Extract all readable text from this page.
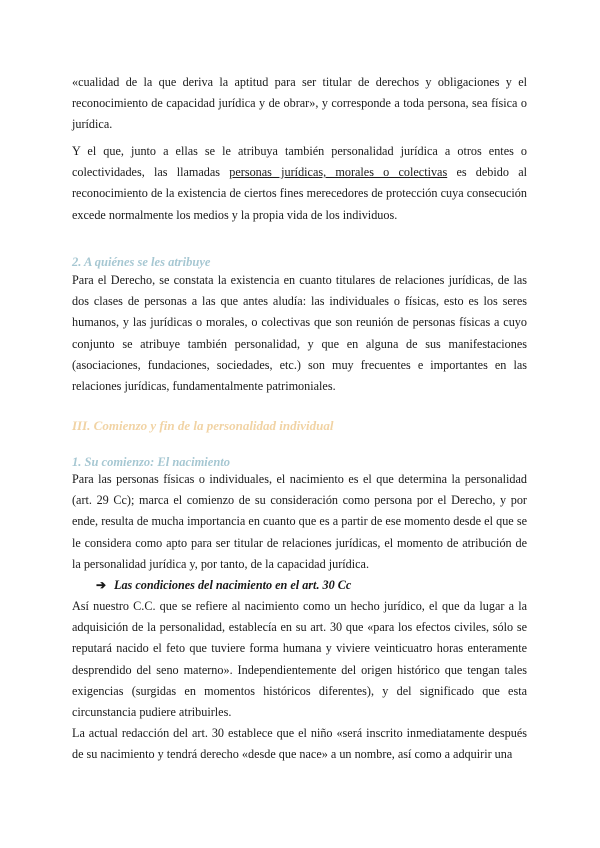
«cualidad de la que deriva la aptitud para ser titular de derechos y obligaciones y el reconocimiento de capacidad jurídica y de obrar», y corresponde a toda persona, sea física o jurídica.

Y el que, junto a ellas se le atribuya también personalidad jurídica a otros entes o colectividades, las llamadas personas jurídicas, morales o colectivas es debido al reconocimiento de la existencia de ciertos fines merecedores de protección cuya consecución excede normalmente los medios y la propia vida de los individuos.

2. A quiénes se les atribuye

Para el Derecho, se constata la existencia en cuanto titulares de relaciones jurídicas, de las dos clases de personas a las que antes aludía: las individuales o físicas, esto es los seres humanos, y las jurídicas o morales, o colectivas que son reunión de personas físicas a cuyo conjunto se atribuye también personalidad, y que en alguna de sus manifestaciones (asociaciones, fundaciones, sociedades, etc.) son muy frecuentes e importantes en las relaciones jurídicas, fundamentalmente patrimoniales.

III. Comienzo y fin de la personalidad individual
1. Su comienzo: El nacimiento

Para las personas físicas o individuales, el nacimiento es el que determina la personalidad (art. 29 Cc); marca el comienzo de su consideración como persona por el Derecho, y por ende, resulta de mucha importancia en cuanto que es a partir de ese momento desde el que se le considera como apto para ser titular de relaciones jurídicas, el momento de atribución de la personalidad jurídica y, por tanto, de la capacidad jurídica.

➔ Las condiciones del nacimiento en el art. 30 Cc

Así nuestro C.C. que se refiere al nacimiento como un hecho jurídico, el que da lugar a la adquisición de la personalidad, establecía en su art. 30 que «para los efectos civiles, sólo se reputará nacido el feto que tuviere forma humana y viviere veinticuatro horas enteramente desprendido del seno materno». Independientemente del origen histórico que tengan tales exigencias (surgidas en momentos históricos diferentes), y del significado que esta circunstancia pudiere atribuirles.

La actual redacción del art. 30 establece que el niño «será inscrito inmediatamente después de su nacimiento y tendrá derecho «desde que nace» a un nombre, así como a adquirir una
